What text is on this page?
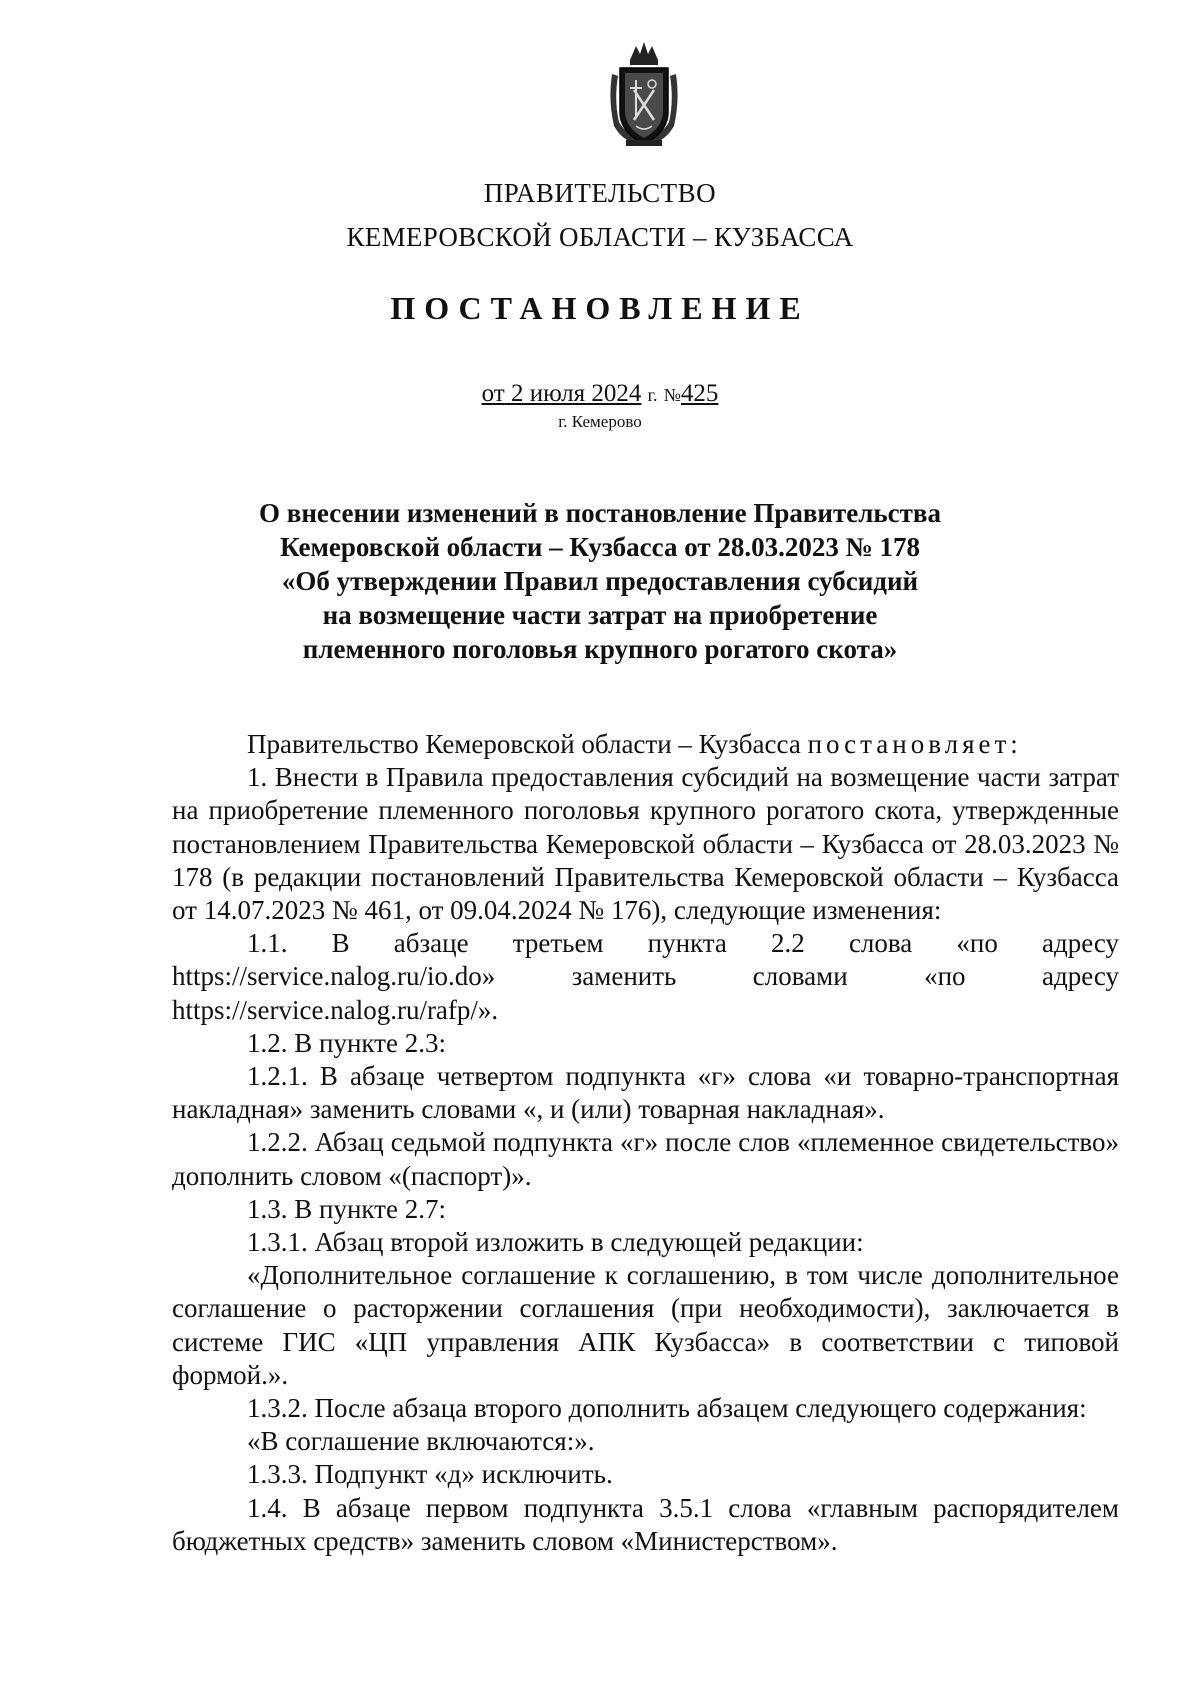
ПРАВИТЕЛЬСТВО
КЕМЕРОВСКОЙ ОБЛАСТИ – КУЗБАССА
ПОСТАНОВЛЕНИЕ
от 2 июля 2024 г. №425
г. Кемерово
О внесении изменений в постановление Правительства
Кемеровской области – Кузбасса от 28.03.2023 № 178
«Об утверждении Правил предоставления субсидий
на возмещение части затрат на приобретение
племенного поголовья крупного рогатого скота»

Правительство Кемеровской области – Кузбасса постановляет:

1. Внести в Правила предоставления субсидий на возмещение части затрат на приобретение племенного поголовья крупного рогатого скота, утвержденные постановлением Правительства Кемеровской области – Кузбасса от 28.03.2023 № 178 (в редакции постановлений Правительства Кемеровской области – Кузбасса от 14.07.2023 № 461, от 09.04.2024 № 176), следующие изменения:

1.1. В абзаце третьем пункта 2.2 слова «по адресу https://service.nalog.ru/io.do» заменить словами «по адресу https://service.nalog.ru/rafp/».

1.2. В пункте 2.3:

1.2.1. В абзаце четвертом подпункта «г» слова «и товарно-транспортная накладная» заменить словами «, и (или) товарная накладная».

1.2.2. Абзац седьмой подпункта «г» после слов «племенное свидетельство» дополнить словом «(паспорт)».

1.3. В пункте 2.7:

1.3.1. Абзац второй изложить в следующей редакции:

«Дополнительное соглашение к соглашению, в том числе дополнительное соглашение о расторжении соглашения (при необходимости), заключается в системе ГИС «ЦП управления АПК Кузбасса» в соответствии с типовой формой.».

1.3.2. После абзаца второго дополнить абзацем следующего содержания:

«В соглашение включаются:».

1.3.3. Подпункт «д» исключить.

1.4. В абзаце первом подпункта 3.5.1 слова «главным распорядителем бюджетных средств» заменить словом «Министерством».
